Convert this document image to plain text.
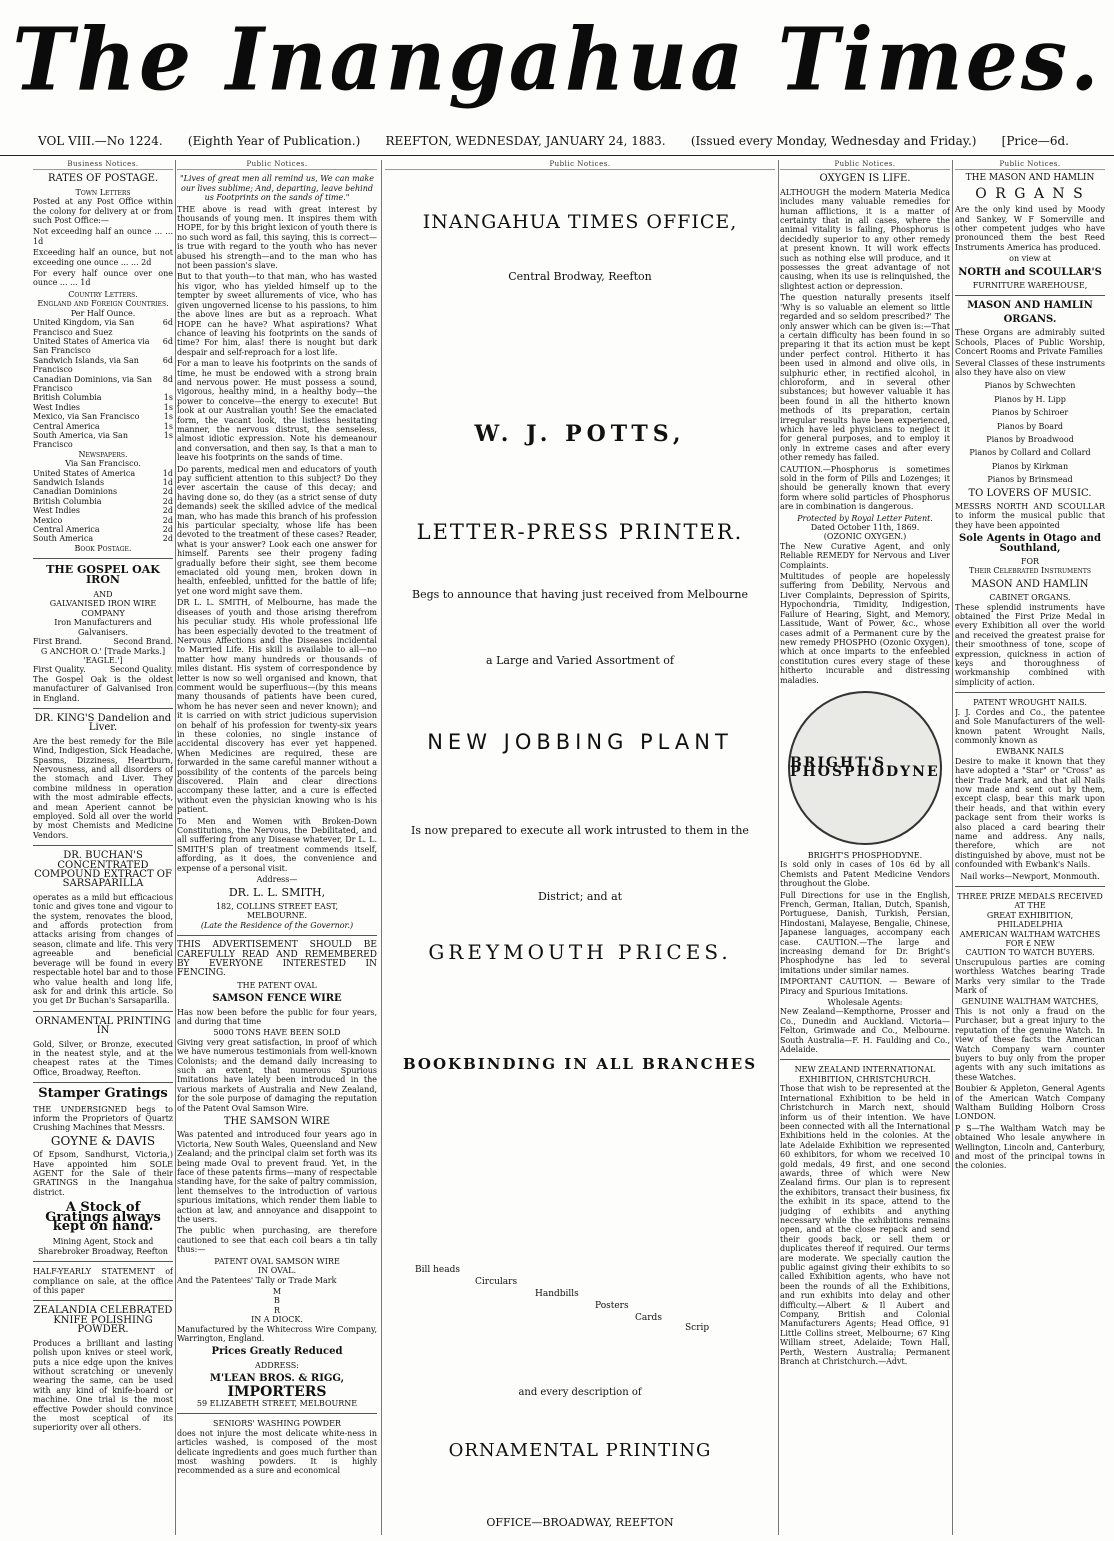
The Inangahua Times.
VOL VIII.—No 1224. (Eighth Year of Publication.) REEFTON, WEDNESDAY, JANUARY 24, 1883. (Issued every Monday, Wednesday and Friday.) [Price—6d.
Business Notices.
RATES OF POSTAGE.
Town Letters
Posted at any Post Office within the colony for delivery at or from such Post Office:—
Not exceeding half an ounce ... ... 1d
Exceeding half an ounce, but not exceeding one ounce ... ... 2d
For every half ounce over one ounce ... ... 1d
Country Letters.
England and Foreign Countries.
Per Half Ounce.
United Kingdom, via San Francisco and Suez
6d
United States of America via San Francisco
6d
Sandwich Islands, via San Francisco
6d
Canadian Dominions, via San Francisco
8d
British Columbia	1s
West Indies	1s
Mexico, via San Francisco	1s
Central America	1s
South America, via San Francisco
1s
Newspapers.
Via San Francisco.
United States of America	1d
Sandwich Islands	1d
Canadian Dominions	2d
British Columbia	2d
West Indies	2d
Mexico	2d
Central America	2d
South America	2d
Book Postage.
THE GOSPEL OAK IRON
AND
GALVANISED IRON WIRE COMPANY
Iron Manufacturers and Galvanisers.
First Brand.	Second Brand.
G ANCHOR O.' [Trade Marks.] 'EAGLE.']
First Quality.	Second Quality.
The Gospel Oak is the oldest manufacturer of Galvanised Iron in England.
DR. KING'S Dandelion and Liver.
Are the best remedy for the Bile Wind, Indigestion, Sick Headache, Spasms, Dizziness, Heartburn, Nervousness, and all disorders of the stomach and Liver. They combine mildness in operation with the most admirable effects, and mean Aperient cannot be employed. Sold all over the world by most Chemists and Medicine Vendors.
DR. BUCHAN'S CONCENTRATED COMPOUND EXTRACT OF SARSAPARILLA
operates as a mild but efficacious tonic and gives tone and vigour to the system, renovates the blood, and affords protection from attacks arising from changes of season, climate and life. This very agreeable and beneficial beverage will be found in every respectable hotel bar and to those who value health and long life, ask for and drink this article. So you get Dr Buchan's Sarsaparilla.
ORNAMENTAL PRINTING IN
Gold, Silver, or Bronze, executed in the neatest style, and at the cheapest rates at the Times Office, Broadway, Reefton.
Stamper Gratings
THE UNDERSIGNED begs to inform the Proprietors of Quartz Crushing Machines that Messrs.
GOYNE & DAVIS
Of Epsom, Sandhurst, Victoria,) Have appointed him SOLE AGENT for the Sale of their GRATINGS in the Inangahua district.
A Stock of Gratings always kept on hand.
Mining Agent, Stock and Sharebroker Broadway, Reefton
HALF-YEARLY STATEMENT of compliance on sale, at the office of this paper
ZEALANDIA CELEBRATED KNIFE POLISHING POWDER.
Produces a brilliant and lasting polish upon knives or steel work, puts a nice edge upon the knives without scratching or unevenly wearing the same, can be used with any kind of knife-board or machine. One trial is the most effective Powder should convince the most sceptical of its superiority over all others.
Public Notices.
"Lives of great men all remind us, We can make our lives sublime; And, departing, leave behind us Footprints on the sands of time."
THE above is read with great interest by thousands of young men. It inspires them with HOPE, for by this bright lexicon of youth there is no such word as fail, this saying, this is correct—is true with regard to the youth who has never abused his strength—and to the man who has not been passion's slave.
But to that youth—to that man, who has wasted his vigor, who has yielded himself up to the tempter by sweet allurements of vice, who has given ungoverned license to his passions, to him the above lines are but as a reproach. What HOPE can he have? What aspirations? What chance of leaving his footprints on the sands of time? For him, alas! there is nought but dark despair and self-reproach for a lost life.
For a man to leave his footprints on the sands of time, he must be endowed with a strong brain and nervous power. He must possess a sound, vigorous, healthy mind, in a healthy body—the power to conceive—the energy to execute! But look at our Australian youth! See the emaciated form, the vacant look, the listless hesitating manner, the nervous distrust, the senseless, almost idiotic expression. Note his demeanour and conversation, and then say, Is that a man to leave his footprints on the sands of time.
Do parents, medical men and educators of youth pay sufficient attention to this subject? Do they ever ascertain the cause of this decay; and having done so, do they (as a strict sense of duty demands) seek the skilled advice of the medical man, who has made this branch of his profession his particular specialty, whose life has been devoted to the treatment of these cases? Reader, what is your answer? Look each one answer for himself. Parents see their progeny fading gradually before their sight, see them become emaciated old young men, broken down in health, enfeebled, unfitted for the battle of life; yet one word might save them.
DR L. L. SMITH, of Melbourne, has made the diseases of youth and those arising therefrom his peculiar study. His whole professional life has been especially devoted to the treatment of Nervous Affections and the Diseases incidental to Married Life. His skill is available to all—no matter how many hundreds or thousands of miles distant. His system of correspondence by letter is now so well organised and known, that comment would be superfluous—(by this means many thousands of patients have been cured, whom he has never seen and never known); and it is carried on with strict judicious supervision on behalf of his profession for twenty-six years in these colonies, no single instance of accidental discovery has ever yet happened. When Medicines are required, these are forwarded in the same careful manner without a possibility of the contents of the parcels being discovered. Plain and clear directions accompany these latter, and a cure is effected without even the physician knowing who is his patient.
To Men and Women with Broken-Down Constitutions, the Nervous, the Debilitated, and all suffering from any Disease whatever, Dr L. L. SMITH'S plan of treatment commends itself, affording, as it does, the convenience and expense of a personal visit.
Address—
DR. L. L. SMITH,
182, COLLINS STREET EAST,
MELBOURNE.
(Late the Residence of the Governor.)
THIS ADVERTISEMENT SHOULD BE CAREFULLY READ AND REMEMBERED BY EVERYONE INTERESTED IN FENCING.
THE PATENT OVAL
SAMSON FENCE WIRE
Has now been before the public for four years, and during that time
5000 TONS HAVE BEEN SOLD
Giving very great satisfaction, in proof of which we have numerous testimonials from well-known Colonists; and the demand daily increasing to such an extent, that numerous Spurious Imitations have lately been introduced in the various markets of Australia and New Zealand, for the sole purpose of damaging the reputation of the Patent Oval Samson Wire.
THE SAMSON WIRE
Was patented and introduced four years ago in Victoria, New South Wales, Queensland and New Zealand; and the principal claim set forth was its being made Oval to prevent fraud. Yet, in the face of these patents firms—many of respectable standing have, for the sake of paltry commission, lent themselves to the introduction of various spurious imitations, which render them liable to action at law, and annoyance and disappoint to the users.
The public when purchasing, are therefore cautioned to see that each coil bears a tin tally thus:—
PATENT OVAL SAMSON WIRE
IN OVAL.
And the Patentees' Tally or Trade Mark
M
B
R
IN A DIOCK.
Manufactured by the Whitecross Wire Company, Warrington, England.
Prices Greatly Reduced
ADDRESS:
M'LEAN BROS. & RIGG,
IMPORTERS
59 ELIZABETH STREET, MELBOURNE
SENIORS' WASHING POWDER
does not injure the most delicate white-ness in articles washed, is composed of the most delicate ingredients and goes much further than most washing powders. It is highly recommended as a sure and economical
Public Notices.
INANGAHUA TIMES OFFICE,
Central Brodway, Reefton
W. J. POTTS,
LETTER-PRESS PRINTER.
Begs to announce that having just received from Melbourne
a Large and Varied Assortment of
NEW JOBBING PLANT
Is now prepared to execute all work intrusted to them in the
District; and at
GREYMOUTH PRICES.
BOOKBINDING IN ALL BRANCHES
Bill heads
Circulars
Handbills
Posters
Cards
Scrip
and every description of
ORNAMENTAL PRINTING
OFFICE—BROADWAY, REEFTON
Public Notices.
OXYGEN IS LIFE.
ALTHOUGH the modern Materia Medica includes many valuable remedies for human afflictions, it is a matter of certainty that in all cases, where the animal vitality is failing, Phosphorus is decidedly superior to any other remedy at present known. It will work effects such as nothing else will produce, and it possesses the great advantage of not causing, when its use is relinquished, the slightest action or depression.
The question naturally presents itself 'Why is so valuable an element so little regarded and so seldom prescribed?' The only answer which can be given is:—That a certain difficulty has been found in so preparing it that its action must be kept under perfect control. Hitherto it has been used in almond and olive oils, in sulphuric ether, in rectified alcohol, in chloroform, and in several other substances; but however valuable it has been found in all the hitherto known methods of its preparation, certain irregular results have been experienced, which have led physicians to neglect it for general purposes, and to employ it only in extreme cases and after every other remedy has failed.
CAUTION.—Phosphorus is sometimes sold in the form of Pills and Lozenges; it should be generally known that every form where solid particles of Phosphorus are in combination is dangerous.
Protected by Royal Letter Patent.
Dated October 11th, 1869.
(OZONIC OXYGEN.)
The New Curative Agent, and only Reliable REMEDY for Nervous and Liver Complaints.
Multitudes of people are hopelessly suffering from Debility, Nervous and Liver Complaints, Depression of Spirits, Hypochondria, Timidity, Indigestion, Failure of Hearing, Sight, and Memory, Lassitude, Want of Power, &c., whose cases admit of a Permanent cure by the new remedy PHOSPHO (Ozonic Oxygen), which at once imparts to the enfeebled constitution cures every stage of these hitherto incurable and distressing maladies.
BRIGHT'S PHOSPHODYNE
BRIGHT'S PHOSPHODYNE.
Is sold only in cases of 10s 6d by all Chemists and Patent Medicine Vendors throughout the Globe.
Full Directions for use in the English, French, German, Italian, Dutch, Spanish, Portuguese, Danish, Turkish, Persian, Hindostani, Malayese, Bengalie, Chinese, Japanese languages, accompany each case. CAUTION.—The large and increasing demand for Dr. Bright's Phosphodyne has led to several imitations under similar names.
IMPORTANT CAUTION. — Beware of Piracy and Spurious Imitations.
Wholesale Agents:
New Zealand—Kempthorne, Prosser and Co., Dunedin and Auckland. Victoria—Felton, Grimwade and Co., Melbourne. South Australia—F. H. Faulding and Co., Adelaide.
NEW ZEALAND INTERNATIONAL EXHIBITION, CHRISTCHURCH.
Those that wish to be represented at the International Exhibition to be held in Christchurch in March next, should inform us of their intention. We have been connected with all the International Exhibitions held in the colonies. At the late Adelaide Exhibition we represented 60 exhibitors, for whom we received 10 gold medals, 49 first, and one second awards, three of which were New Zealand firms. Our plan is to represent the exhibitors, transact their business, fix the exhibit in its space, attend to the judging of exhibits and anything necessary while the exhibitions remains open, and at the close repack and send their goods back, or sell them or duplicates thereof if required. Our terms are moderate. We specially caution the public against giving their exhibits to so called Exhibition agents, who have not been the rounds of all the Exhibitions, and run exhibits into delay and other difficulty.—Albert & Il Aubert and Company, British and Colonial Manufacturers Agents; Head Office, 91 Little Collins street, Melbourne; 67 King William street, Adelaide; Town Hall, Perth, Western Australia; Permanent Branch at Christchurch.—Advt.
Public Notices.
THE MASON AND HAMLIN
O R G A N S
Are the only kind used by Moody and Sankey, W F Somerville and other competent judges who have pronounced them the best Reed Instruments America has produced.
on view at
NORTH and SCOULLAR'S
FURNITURE WAREHOUSE,
MASON AND HAMLIN
ORGANS.
These Organs are admirably suited Schools, Places of Public Worship, Concert Rooms and Private Families
Several Classes of these instruments also they have also on view
Pianos by Schwechten
Pianos by H. Lipp
Pianos by Schiroer
Pianos by Board
Pianos by Broadwood
Pianos by Collard and Collard
Pianos by Kirkman
Pianos by Brinsmead
TO LOVERS OF MUSIC.
MESSRS NORTH AND SCOULLAR to inform the musical public that they have been appointed
Sole Agents in Otago and Southland,
FOR
Their Celebrated Instruments
MASON AND HAMLIN
CABINET ORGANS.
These splendid instruments have obtained the First Prize Medal in every Exhibition all over the world and received the greatest praise for their smoothness of tone, scope of expression, quickness in action of keys and thoroughness of workmanship combined with simplicity of action.
PATENT WROUGHT NAILS.
J. J. Cordes and Co., the patentee and Sole Manufacturers of the well-known patent Wrought Nails, commonly known as
EWBANK NAILS
Desire to make it known that they have adopted a "Star" or "Cross" as their Trade Mark, and that all Nails now made and sent out by them, except clasp, bear this mark upon their heads, and that within every package sent from their works is also placed a card bearing their name and address. Any nails, therefore, which are not distinguished by above, must not be confounded with Ewbank's Nails.
Nail works—Newport, Monmouth.
THREE PRIZE MEDALS RECEIVED
AT THE
GREAT EXHIBITION,
PHILADELPHIA
AMERICAN WALTHAM WATCHES FOR £ NEW
CAUTION TO WATCH BUYERS.
Unscrupulous parties are coming worthless Watches bearing Trade Marks very similar to the Trade Mark of
GENUINE WALTHAM WATCHES,
This is not only a fraud on the Purchaser, but a great injury to the reputation of the genuine Watch. In view of these facts the American Watch Company warn counter buyers to buy only from the proper agents with any such imitations as these Watches.
Boubier & Appleton, General Agents of the American Watch Company Waltham Building Holborn Cross LONDON.
P S—The Waltham Watch may be obtained Who lesale anywhere in Wellington, Lincoln and, Canterbury, and most of the principal towns in the colonies.
